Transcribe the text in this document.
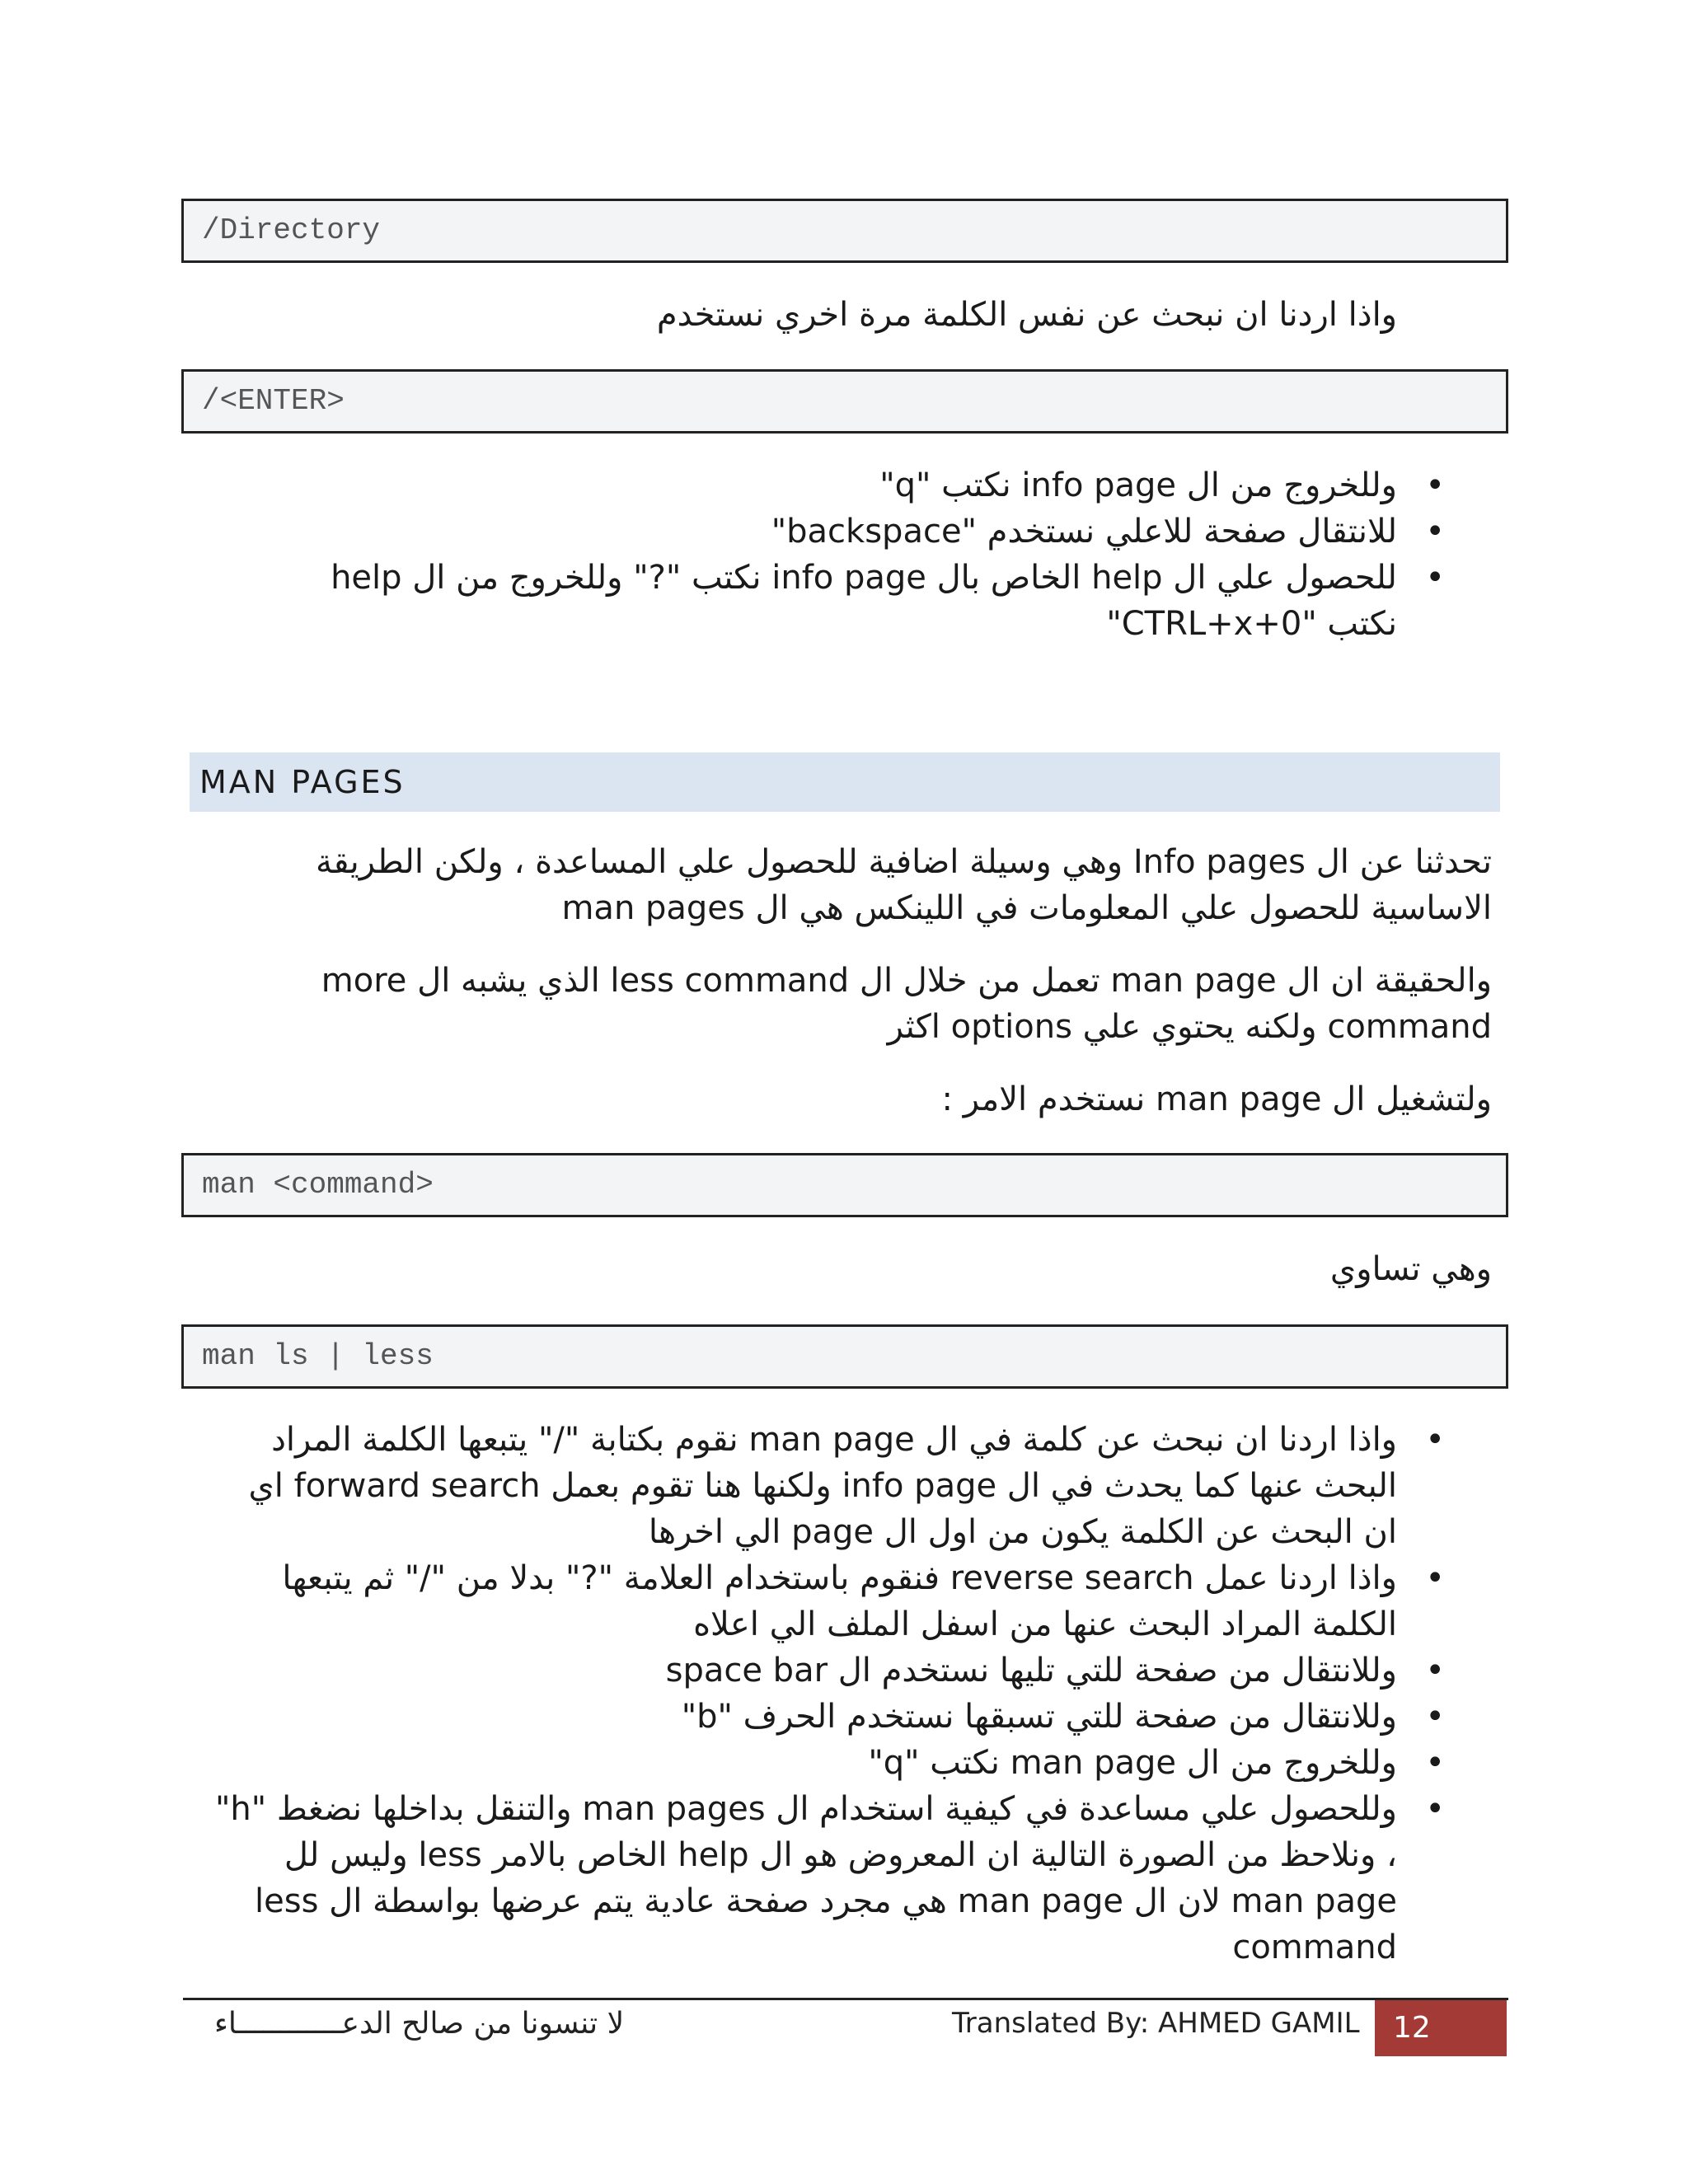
/Directory
واذا اردنا ان نبحث عن نفس الكلمة مرة اخري نستخدم
/<ENTER>
• وللخروج من ال info page نكتب "q"
• للانتقال صفحة للاعلي نستخدم "backspace"
• للحصول علي ال help الخاص بال info page نكتب "?" وللخروج من ال help نكتب "CTRL+x+0"
MAN PAGES
تحدثنا عن ال Info pages وهي وسيلة اضافية للحصول علي المساعدة ، ولكن الطريقة الاساسية للحصول علي المعلومات في اللينكس هي ال man pages
والحقيقة ان ال man page تعمل من خلال ال less command الذي يشبه ال more command ولكنه يحتوي علي options اكثر
ولتشغيل ال man page نستخدم الامر :
man <command>
وهي تساوي
man ls | less
• واذا اردنا ان نبحث عن كلمة في ال man page نقوم بكتابة "/" يتبعها الكلمة المراد البحث عنها كما يحدث في ال info page ولكنها هنا تقوم بعمل forward search اي ان البحث عن الكلمة يكون من اول ال page الي اخرها
• واذا اردنا عمل reverse search فنقوم باستخدام العلامة "?" بدلا من "/" ثم يتبعها الكلمة المراد البحث عنها من اسفل الملف الي اعلاه
• وللانتقال من صفحة للتي تليها نستخدم ال space bar
• وللانتقال من صفحة للتي تسبقها نستخدم الحرف "b"
• وللخروج من ال man page نكتب "q"
• وللحصول علي مساعدة في كيفية استخدام ال man pages والتنقل بداخلها نضغط "h" ، ونلاحظ من الصورة التالية ان المعروض هو ال help الخاص بالامر less وليس لل man page لان ال man page هي مجرد صفحة عادية يتم عرضها بواسطة ال less command
لا تنسونا من صالح الدعــــــــــــاء	Translated By: AHMED GAMIL	12
